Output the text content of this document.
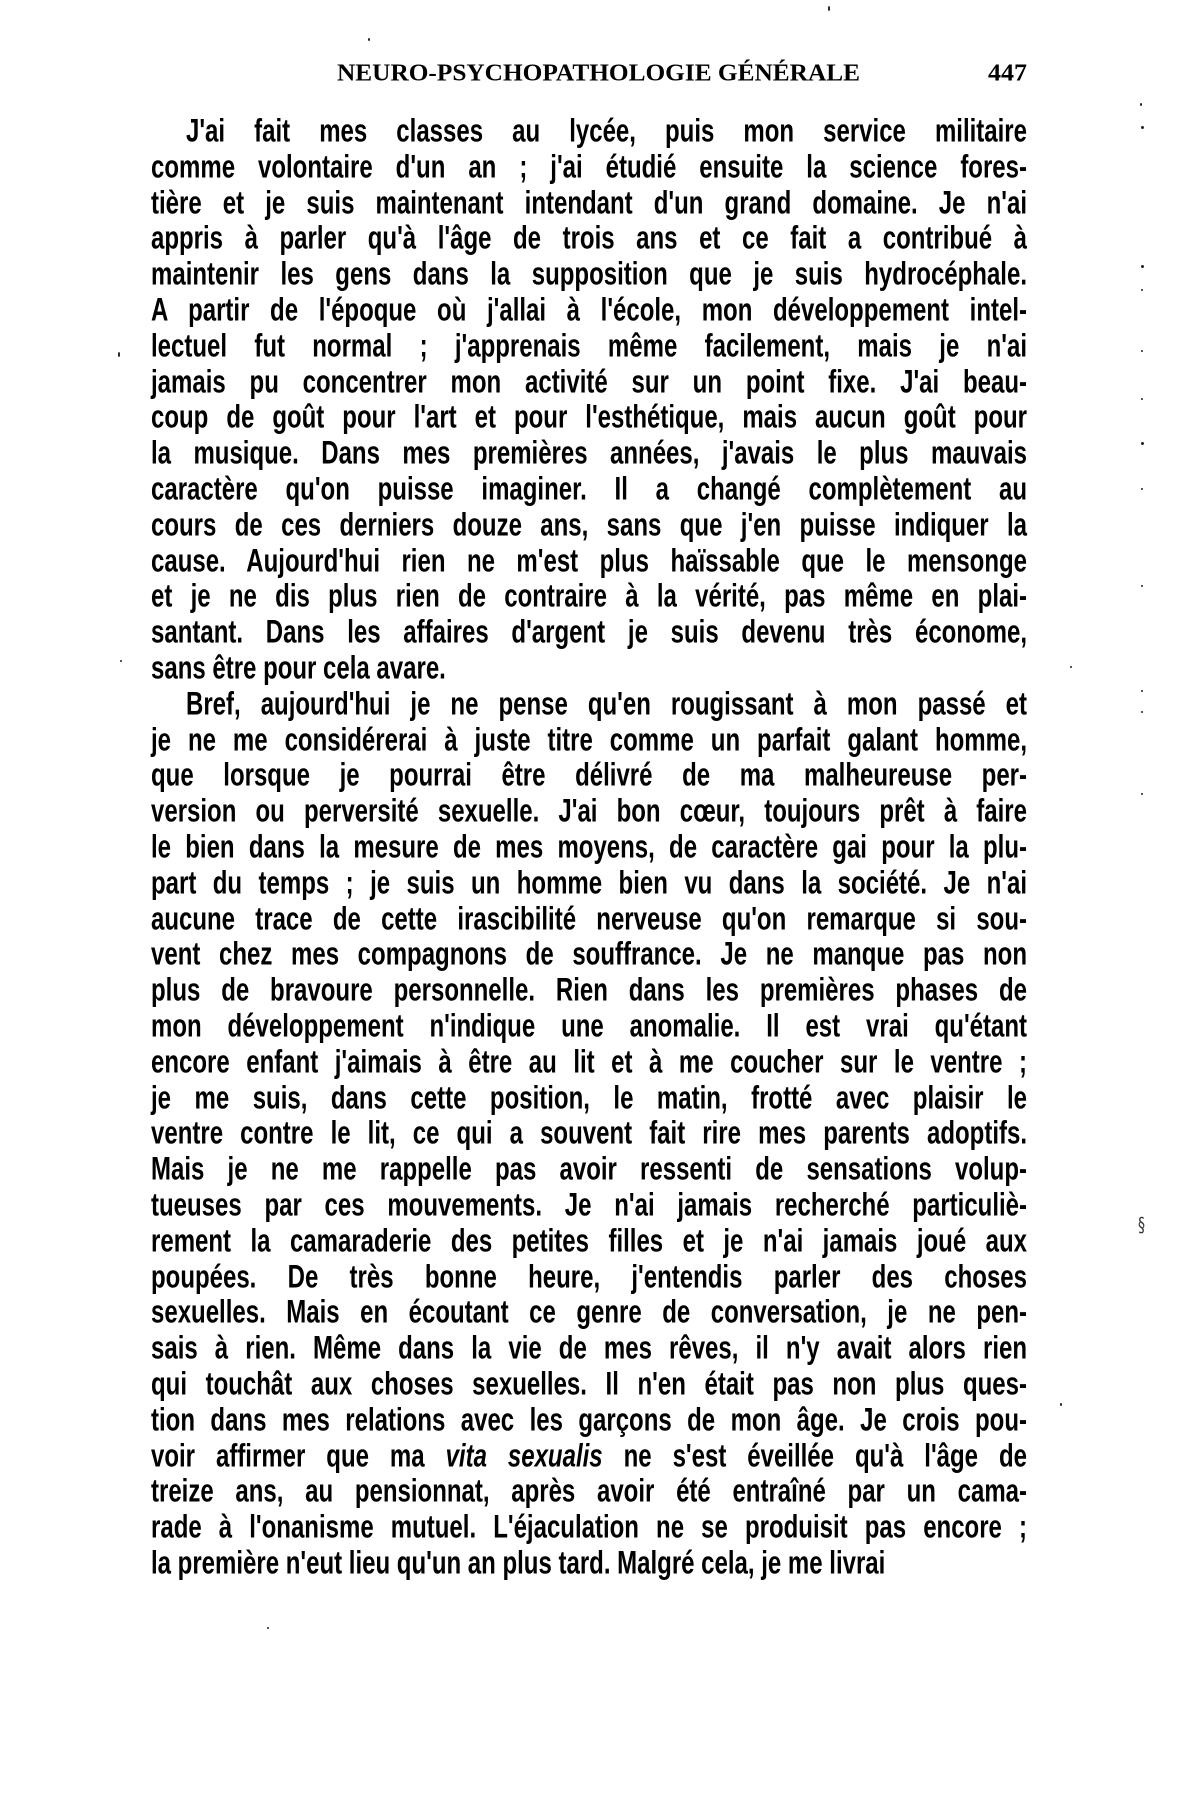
NEURO-PSYCHOPATHOLOGIE GÉNÉRALE	447
J'ai fait mes classes au lycée, puis mon service militaire
comme volontaire d'un an ; j'ai étudié ensuite la science fores-
tière et je suis maintenant intendant d'un grand domaine. Je n'ai
appris à parler qu'à l'âge de trois ans et ce fait a contribué à
maintenir les gens dans la supposition que je suis hydrocéphale.
A partir de l'époque où j'allai à l'école, mon développement intel-
lectuel fut normal ; j'apprenais même facilement, mais je n'ai
jamais pu concentrer mon activité sur un point fixe. J'ai beau-
coup de goût pour l'art et pour l'esthétique, mais aucun goût pour
la musique. Dans mes premières années, j'avais le plus mauvais
caractère qu'on puisse imaginer. Il a changé complètement au
cours de ces derniers douze ans, sans que j'en puisse indiquer la
cause. Aujourd'hui rien ne m'est plus haïssable que le mensonge
et je ne dis plus rien de contraire à la vérité, pas même en plai-
santant. Dans les affaires d'argent je suis devenu très économe,
sans être pour cela avare.
Bref, aujourd'hui je ne pense qu'en rougissant à mon passé et
je ne me considérerai à juste titre comme un parfait galant homme,
que lorsque je pourrai être délivré de ma malheureuse per-
version ou perversité sexuelle. J'ai bon cœur, toujours prêt à faire
le bien dans la mesure de mes moyens, de caractère gai pour la plu-
part du temps ; je suis un homme bien vu dans la société. Je n'ai
aucune trace de cette irascibilité nerveuse qu'on remarque si sou-
vent chez mes compagnons de souffrance. Je ne manque pas non
plus de bravoure personnelle. Rien dans les premières phases de
mon développement n'indique une anomalie. Il est vrai qu'étant
encore enfant j'aimais à être au lit et à me coucher sur le ventre ;
je me suis, dans cette position, le matin, frotté avec plaisir le
ventre contre le lit, ce qui a souvent fait rire mes parents adoptifs.
Mais je ne me rappelle pas avoir ressenti de sensations volup-
tueuses par ces mouvements. Je n'ai jamais recherché particuliè-
rement la camaraderie des petites filles et je n'ai jamais joué aux
poupées. De très bonne heure, j'entendis parler des choses
sexuelles. Mais en écoutant ce genre de conversation, je ne pen-
sais à rien. Même dans la vie de mes rêves, il n'y avait alors rien
qui touchât aux choses sexuelles. Il n'en était pas non plus ques-
tion dans mes relations avec les garçons de mon âge. Je crois pou-
voir affirmer que ma vita sexualis ne s'est éveillée qu'à l'âge de
treize ans, au pensionnat, après avoir été entraîné par un cama-
rade à l'onanisme mutuel. L'éjaculation ne se produisit pas encore ;
la première n'eut lieu qu'un an plus tard. Malgré cela, je me livrai
§
